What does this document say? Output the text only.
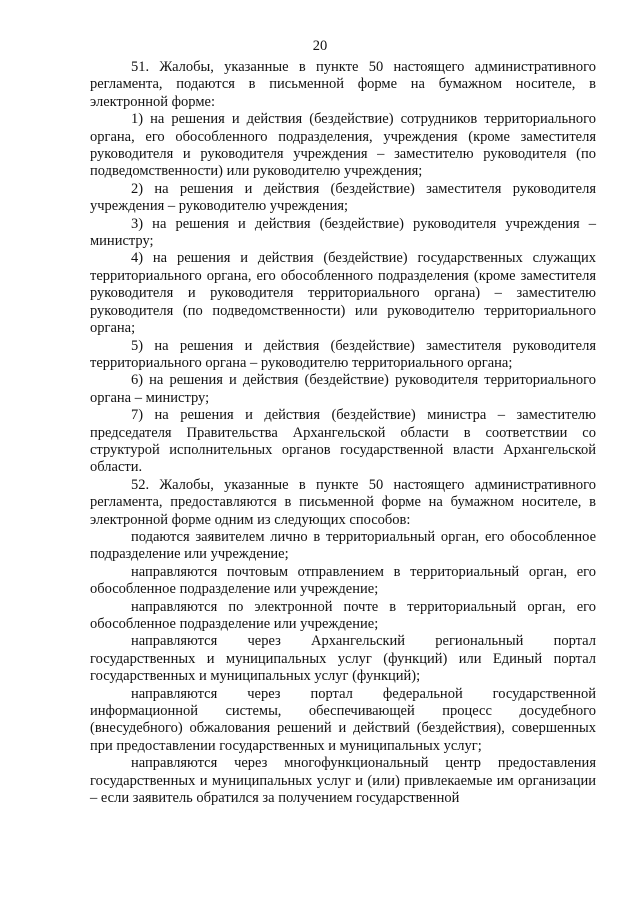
20

51. Жалобы, указанные в пункте 50 настоящего административного регламента, подаются в письменной форме на бумажном носителе, в электронной форме:

1) на решения и действия (бездействие) сотрудников территориального органа, его обособленного подразделения, учреждения (кроме заместителя руководителя и руководителя учреждения – заместителю руководителя (по подведомственности) или руководителю учреждения;

2) на решения и действия (бездействие) заместителя руководителя учреждения – руководителю учреждения;

3) на решения и действия (бездействие) руководителя учреждения – министру;

4) на решения и действия (бездействие) государственных служащих территориального органа, его обособленного подразделения (кроме заместителя руководителя и руководителя территориального органа) – заместителю руководителя (по подведомственности) или руководителю территориального органа;

5) на решения и действия (бездействие) заместителя руководителя территориального органа – руководителю территориального органа;

6) на решения и действия (бездействие) руководителя территориального органа – министру;

7) на решения и действия (бездействие) министра – заместителю председателя Правительства Архангельской области в соответствии со структурой исполнительных органов государственной власти Архангельской области.

52. Жалобы, указанные в пункте 50 настоящего административного регламента, предоставляются в письменной форме на бумажном носителе, в электронной форме одним из следующих способов:

подаются заявителем лично в территориальный орган, его обособленное подразделение или учреждение;

направляются почтовым отправлением в территориальный орган, его обособленное подразделение или учреждение;

направляются по электронной почте в территориальный орган, его обособленное подразделение или учреждение;

направляются через Архангельский региональный портал государственных и муниципальных услуг (функций) или Единый портал государственных и муниципальных услуг (функций);

направляются через портал федеральной государственной информационной системы, обеспечивающей процесс досудебного (внесудебного) обжалования решений и действий (бездействия), совершенных при предоставлении государственных и муниципальных услуг;

направляются через многофункциональный центр предоставления государственных и муниципальных услуг и (или) привлекаемые им организации – если заявитель обратился за получением государственной
